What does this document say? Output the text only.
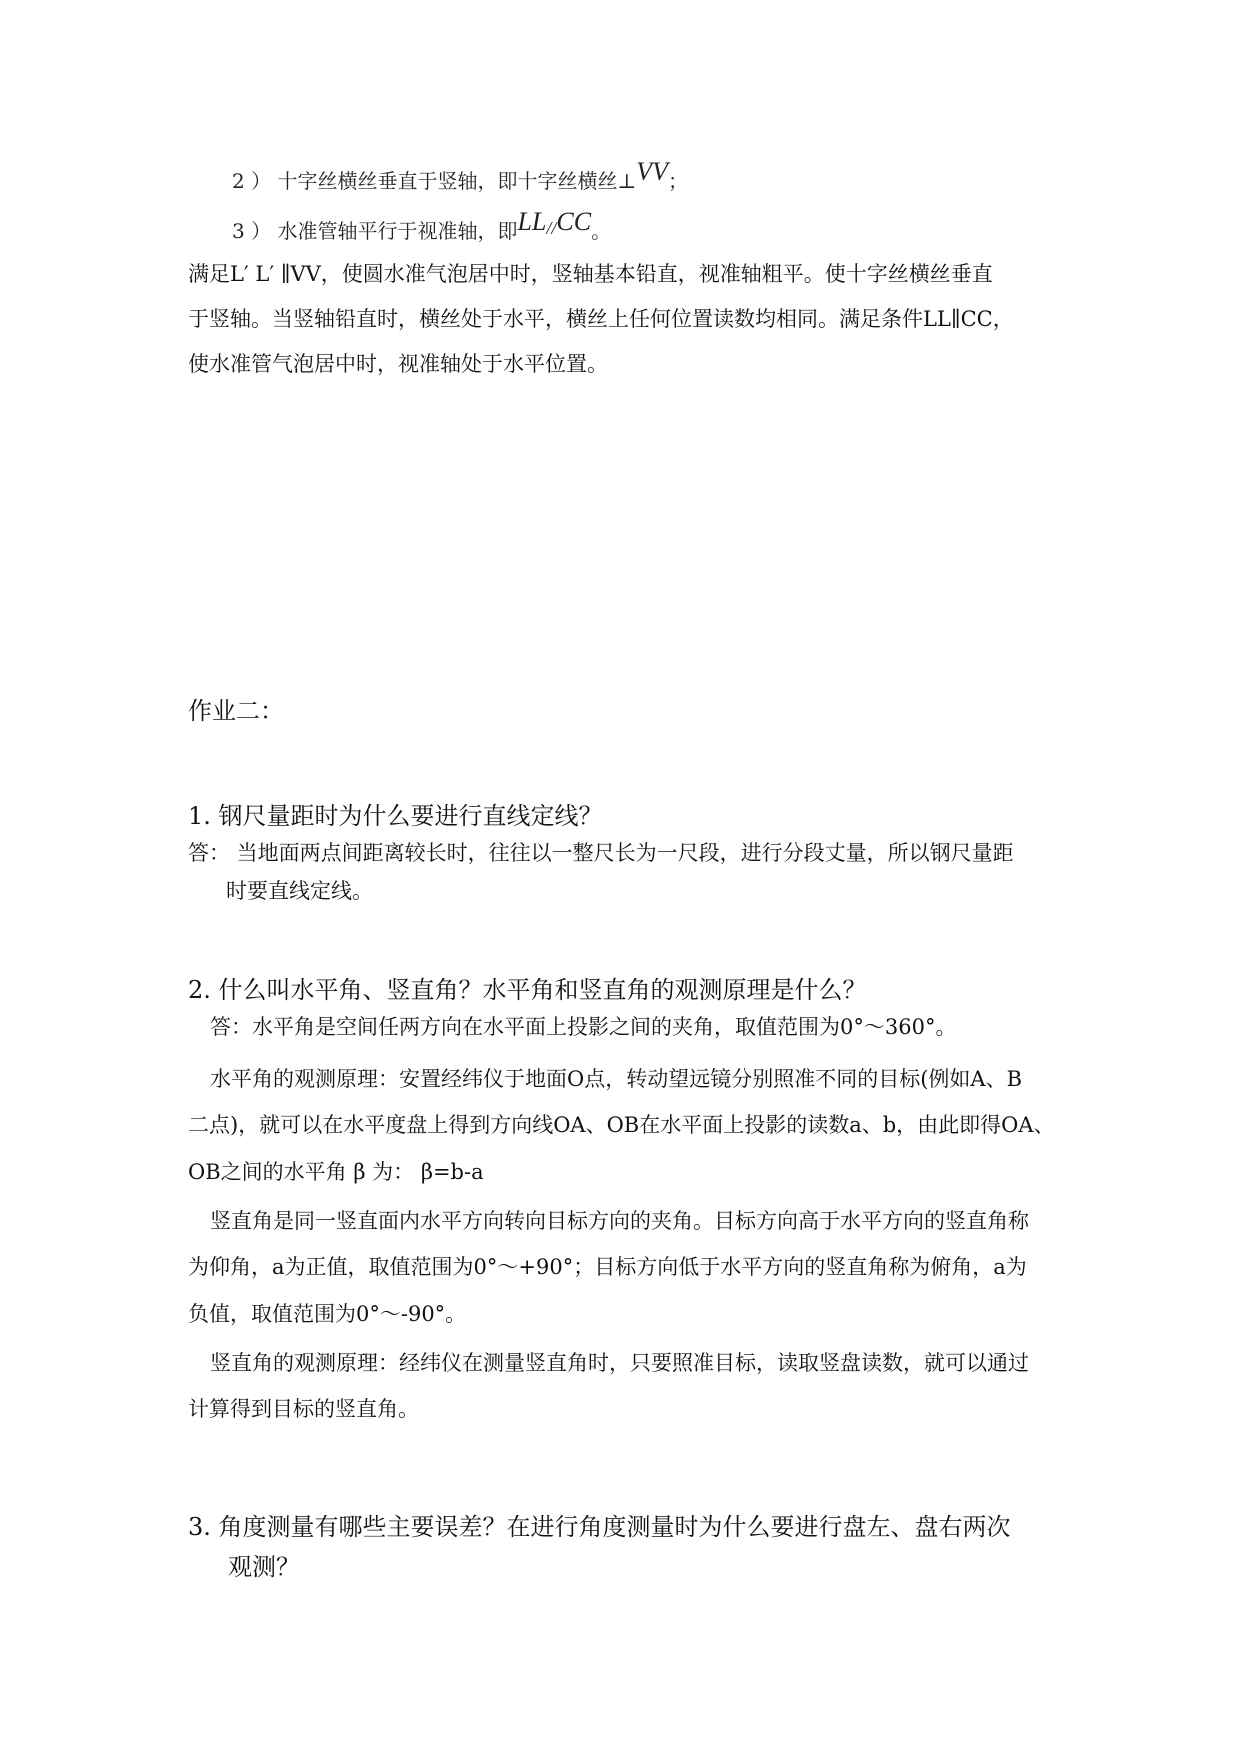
2 ） 十字丝横丝垂直于竖轴，即十字丝横丝⊥VV；
3 ） 水准管轴平行于视准轴，即LL//CC。
满足L′ L′ ∥VV，使圆水准气泡居中时，竖轴基本铅直，视准轴粗平。使十字丝横丝垂直
于竖轴。当竖轴铅直时，横丝处于水平，横丝上任何位置读数均相同。满足条件LL∥CC，
使水准管气泡居中时，视准轴处于水平位置。
作业二：
1. 钢尺量距时为什么要进行直线定线？
答： 当地面两点间距离较长时，往往以一整尺长为一尺段，进行分段丈量，所以钢尺量距
时要直线定线。
2. 什么叫水平角、竖直角？水平角和竖直角的观测原理是什么？
答：水平角是空间任两方向在水平面上投影之间的夹角，取值范围为0°～360°。
水平角的观测原理：安置经纬仪于地面O点，转动望远镜分别照准不同的目标(例如A、B
二点)，就可以在水平度盘上得到方向线OA、OB在水平面上投影的读数a、b，由此即得OA、
OB之间的水平角 β 为： β=b-a
竖直角是同一竖直面内水平方向转向目标方向的夹角。目标方向高于水平方向的竖直角称
为仰角，a为正值，取值范围为0°～+90°；目标方向低于水平方向的竖直角称为俯角，a为
负值，取值范围为0°～-90°。
竖直角的观测原理：经纬仪在测量竖直角时，只要照准目标，读取竖盘读数，就可以通过
计算得到目标的竖直角。
3. 角度测量有哪些主要误差？在进行角度测量时为什么要进行盘左、盘右两次
观测？
